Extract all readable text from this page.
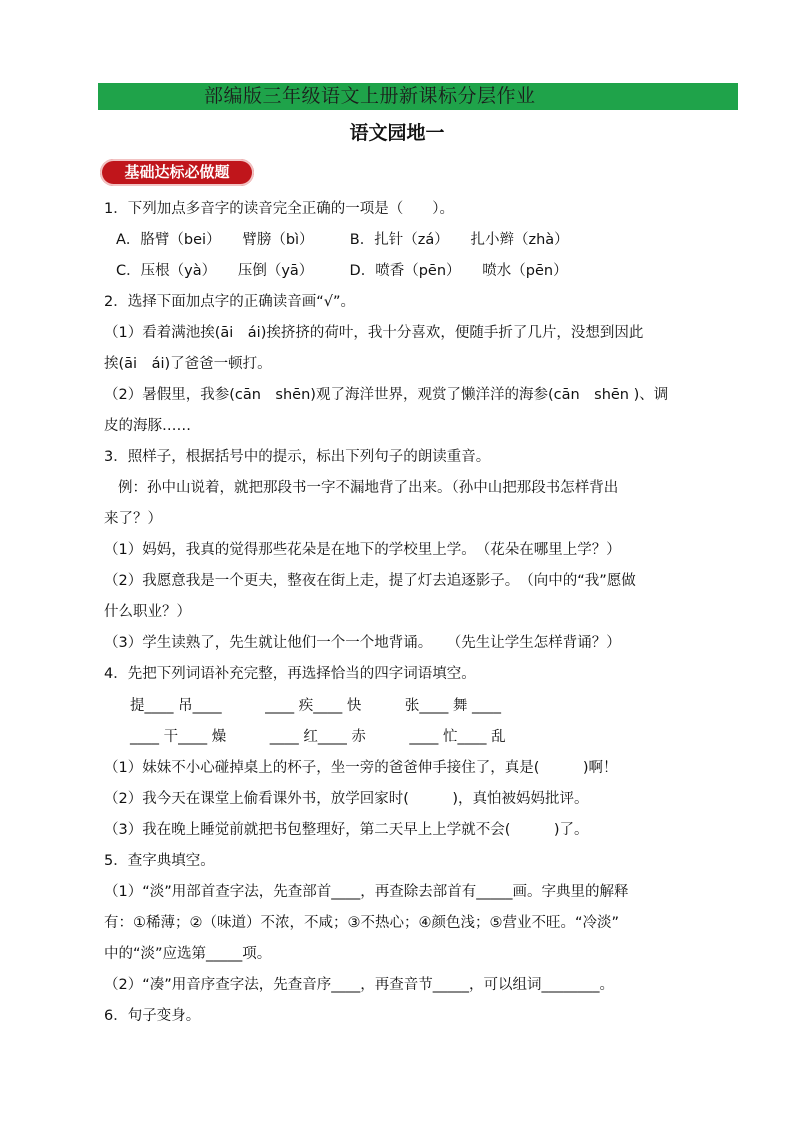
部编版三年级语文上册新课标分层作业
语文园地一
基础达标必做题
1．下列加点多音字的读音完全正确的一项是（　　）。
A．胳臂（bei）　　臂膀（bì）　　　B．扎针（zá）　　扎小辫（zhà）
C．压根（yà）　　压倒（yā）　　　D．喷香（pēn）　　喷水（pēn）
2．选择下面加点字的正确读音画“√”。
（1）看着满池挨(āi　ái)挨挤挤的荷叶，我十分喜欢，便随手折了几片，没想到因此
挨(āi　ái)了爸爸一顿打。
（2）暑假里，我参(cān　shēn)观了海洋世界，观赏了懒洋洋的海参(cān　shēn )、调
皮的海豚……
3．照样子，根据括号中的提示，标出下列句子的朗读重音。
例：孙中山说着，就把那段书一字不漏地背了出来。（孙中山把那段书怎样背出
来了？）
（1）妈妈，我真的觉得那些花朵是在地下的学校里上学。　（花朵在哪里上学？）
（2）我愿意我是一个更夫，整夜在街上走，提了灯去追逐影子。　（向中的“我”愿做
什么职业？）
（3）学生读熟了，先生就让他们一个一个地背诵。　　（先生让学生怎样背诵？）
4．先把下列词语补充完整，再选择恰当的四字词语填空。
提____ 吊____　　　____ 疾____ 快　　　张____ 舞 ____
____ 干____ 燥　　　____ 红____ 赤　　　____ 忙____ 乱
（1）妹妹不小心碰掉桌上的杯子，坐一旁的爸爸伸手接住了，真是(　　　)啊！
（2）我今天在课堂上偷看课外书，放学回家时(　　　)，真怕被妈妈批评。
（3）我在晚上睡觉前就把书包整理好，第二天早上上学就不会(　　　)了。
5．查字典填空。
（1）“淡”用部首查字法，先查部首____，再查除去部首有_____画。字典里的解释
有：①稀薄；②（味道）不浓，不咸；③不热心；④颜色浅；⑤营业不旺。“冷淡”
中的“淡”应选第_____项。
（2）“凑”用音序查字法，先查音序____，再查音节_____，可以组词________。
6．句子变身。
